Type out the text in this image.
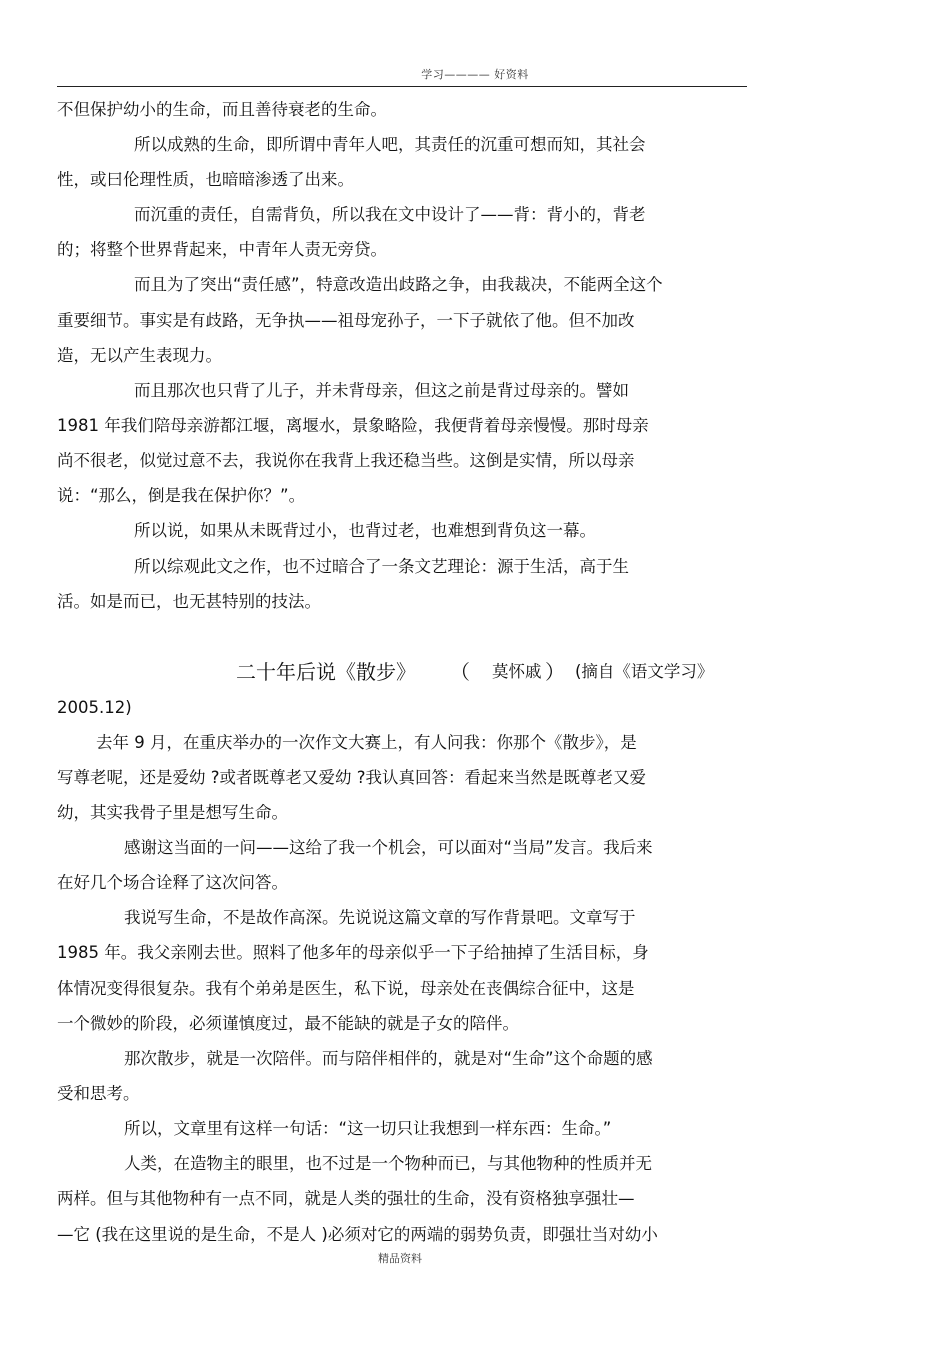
学习———— 好资料
不但保护幼小的生命，而且善待衰老的生命。
所以成熟的生命，即所谓中青年人吧，其责任的沉重可想而知，其社会
性，或曰伦理性质，也暗暗渗透了出来。
而沉重的责任，自需背负，所以我在文中设计了——背：背小的，背老
的；将整个世界背起来，中青年人责无旁贷。
而且为了突出“责任感”，特意改造出歧路之争，由我裁决，不能两全这个
重要细节。事实是有歧路，无争执——祖母宠孙子，一下子就依了他。但不加改
造，无以产生表现力。
而且那次也只背了儿子，并未背母亲，但这之前是背过母亲的。譬如
1981 年我们陪母亲游都江堰，离堰水，景象略险，我便背着母亲慢慢。那时母亲
尚不很老，似觉过意不去，我说你在我背上我还稳当些。这倒是实情，所以母亲
说：“那么，倒是我在保护你？”。
所以说，如果从未既背过小，也背过老，也难想到背负这一幕。
所以综观此文之作，也不过暗合了一条文艺理论：源于生活，高于生
活。如是而已，也无甚特别的技法。
二十年后说《散步》 （ 莫怀戚 ） (摘自《语文学习》
2005.12)
去年 9 月，在重庆举办的一次作文大赛上，有人问我：你那个《散步》，是
写尊老呢，还是爱幼 ?或者既尊老又爱幼 ?我认真回答：看起来当然是既尊老又爱
幼，其实我骨子里是想写生命。
感谢这当面的一问——这给了我一个机会，可以面对“当局”发言。我后来
在好几个场合诠释了这次问答。
我说写生命，不是故作高深。先说说这篇文章的写作背景吧。文章写于
1985 年。我父亲刚去世。照料了他多年的母亲似乎一下子给抽掉了生活目标，身
体情况变得很复杂。我有个弟弟是医生，私下说，母亲处在丧偶综合征中，这是
一个微妙的阶段，必须谨慎度过，最不能缺的就是子女的陪伴。
那次散步，就是一次陪伴。而与陪伴相伴的，就是对“生命”这个命题的感
受和思考。
所以，文章里有这样一句话：“这一切只让我想到一样东西：生命。”
人类，在造物主的眼里，也不过是一个物种而已，与其他物种的性质并无
两样。但与其他物种有一点不同，就是人类的强壮的生命，没有资格独享强壮—
—它 (我在这里说的是生命，不是人 )必须对它的两端的弱势负责，即强壮当对幼小
精品资料
